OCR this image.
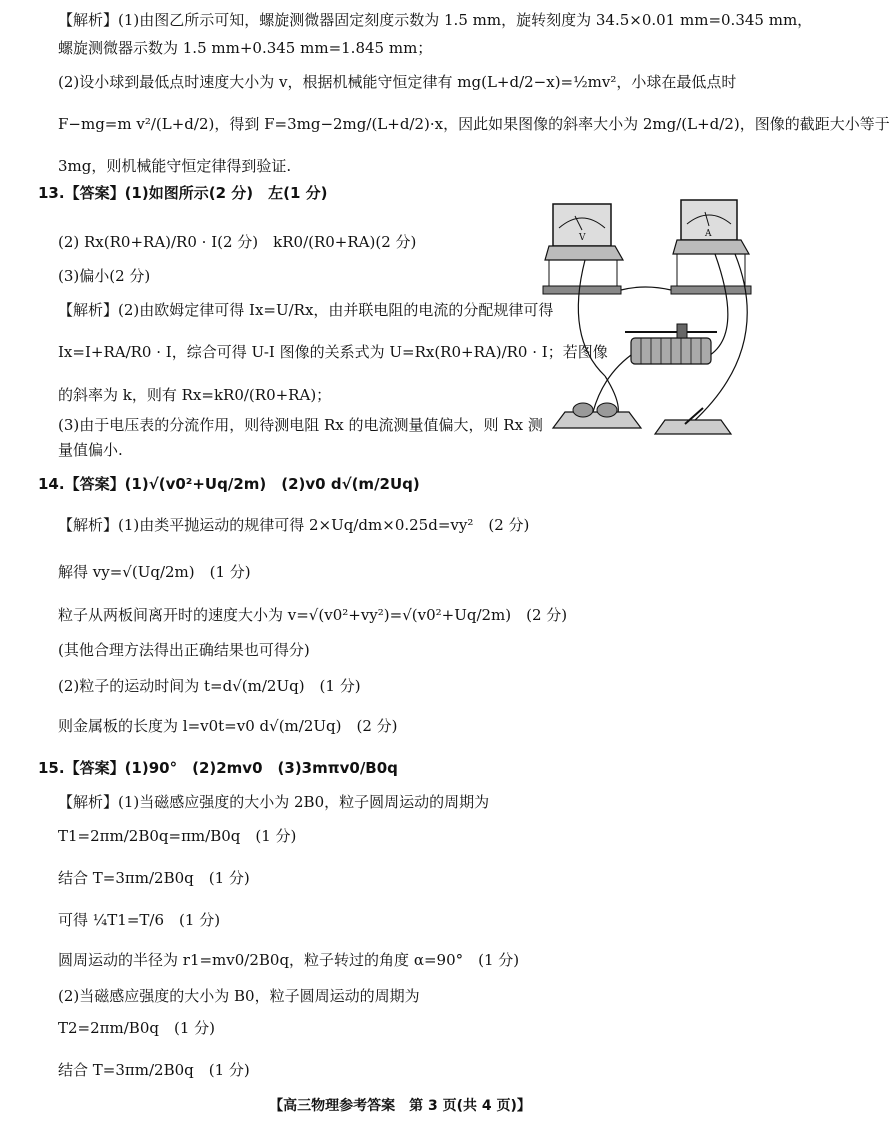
【解析】(1)由图乙所示可知，螺旋测微器固定刻度示数为 1.5 mm，旋转刻度为 34.5×0.01 mm=0.345 mm，
螺旋测微器示数为 1.5 mm+0.345 mm=1.845 mm；
(2)设小球到最低点时速度大小为 v，根据机械能守恒定律有 mg(L+d/2−x)=½mv²，小球在最低点时
F−mg=m v²/(L+d/2)，得到 F=3mg−2mg/(L+d/2)·x，因此如果图像的斜率大小为 2mg/(L+d/2)，图像的截距大小等于
3mg，则机械能守恒定律得到验证.
13.【答案】(1)如图所示(2 分)　左(1 分)
(2) Rx(R0+RA)/R0 · I(2 分)　kR0/(R0+RA)(2 分)
(3)偏小(2 分)
【解析】(2)由欧姆定律可得 Ix=U/Rx，由并联电阻的电流的分配规律可得
Ix=I+RA/R0 · I，综合可得 U-I 图像的关系式为 U=Rx(R0+RA)/R0 · I；若图像
的斜率为 k，则有 Rx=kR0/(R0+RA)；
(3)由于电压表的分流作用，则待测电阻 Rx 的电流测量值偏大，则 Rx 测
量值偏小.
14.【答案】(1)√(v0²+Uq/2m)　(2)v0 d√(m/2Uq)
【解析】(1)由类平抛运动的规律可得 2×Uq/dm×0.25d=vy²　(2 分)
解得 vy=√(Uq/2m)　(1 分)
粒子从两板间离开时的速度大小为 v=√(v0²+vy²)=√(v0²+Uq/2m)　(2 分)
(其他合理方法得出正确结果也可得分)
(2)粒子的运动时间为 t=d√(m/2Uq)　(1 分)
则金属板的长度为 l=v0t=v0 d√(m/2Uq)　(2 分)
15.【答案】(1)90°　(2)2mv0　(3)3mπv0/B0q
【解析】(1)当磁感应强度的大小为 2B0，粒子圆周运动的周期为
T1=2πm/2B0q=πm/B0q　(1 分)
结合 T=3πm/2B0q　(1 分)
可得 ¼T1=T/6　(1 分)
圆周运动的半径为 r1=mv0/2B0q，粒子转过的角度 α=90°　(1 分)
(2)当磁感应强度的大小为 B0，粒子圆周运动的周期为
T2=2πm/B0q　(1 分)
结合 T=3πm/2B0q　(1 分)
V	A
【高三物理参考答案　第 3 页(共 4 页)】
